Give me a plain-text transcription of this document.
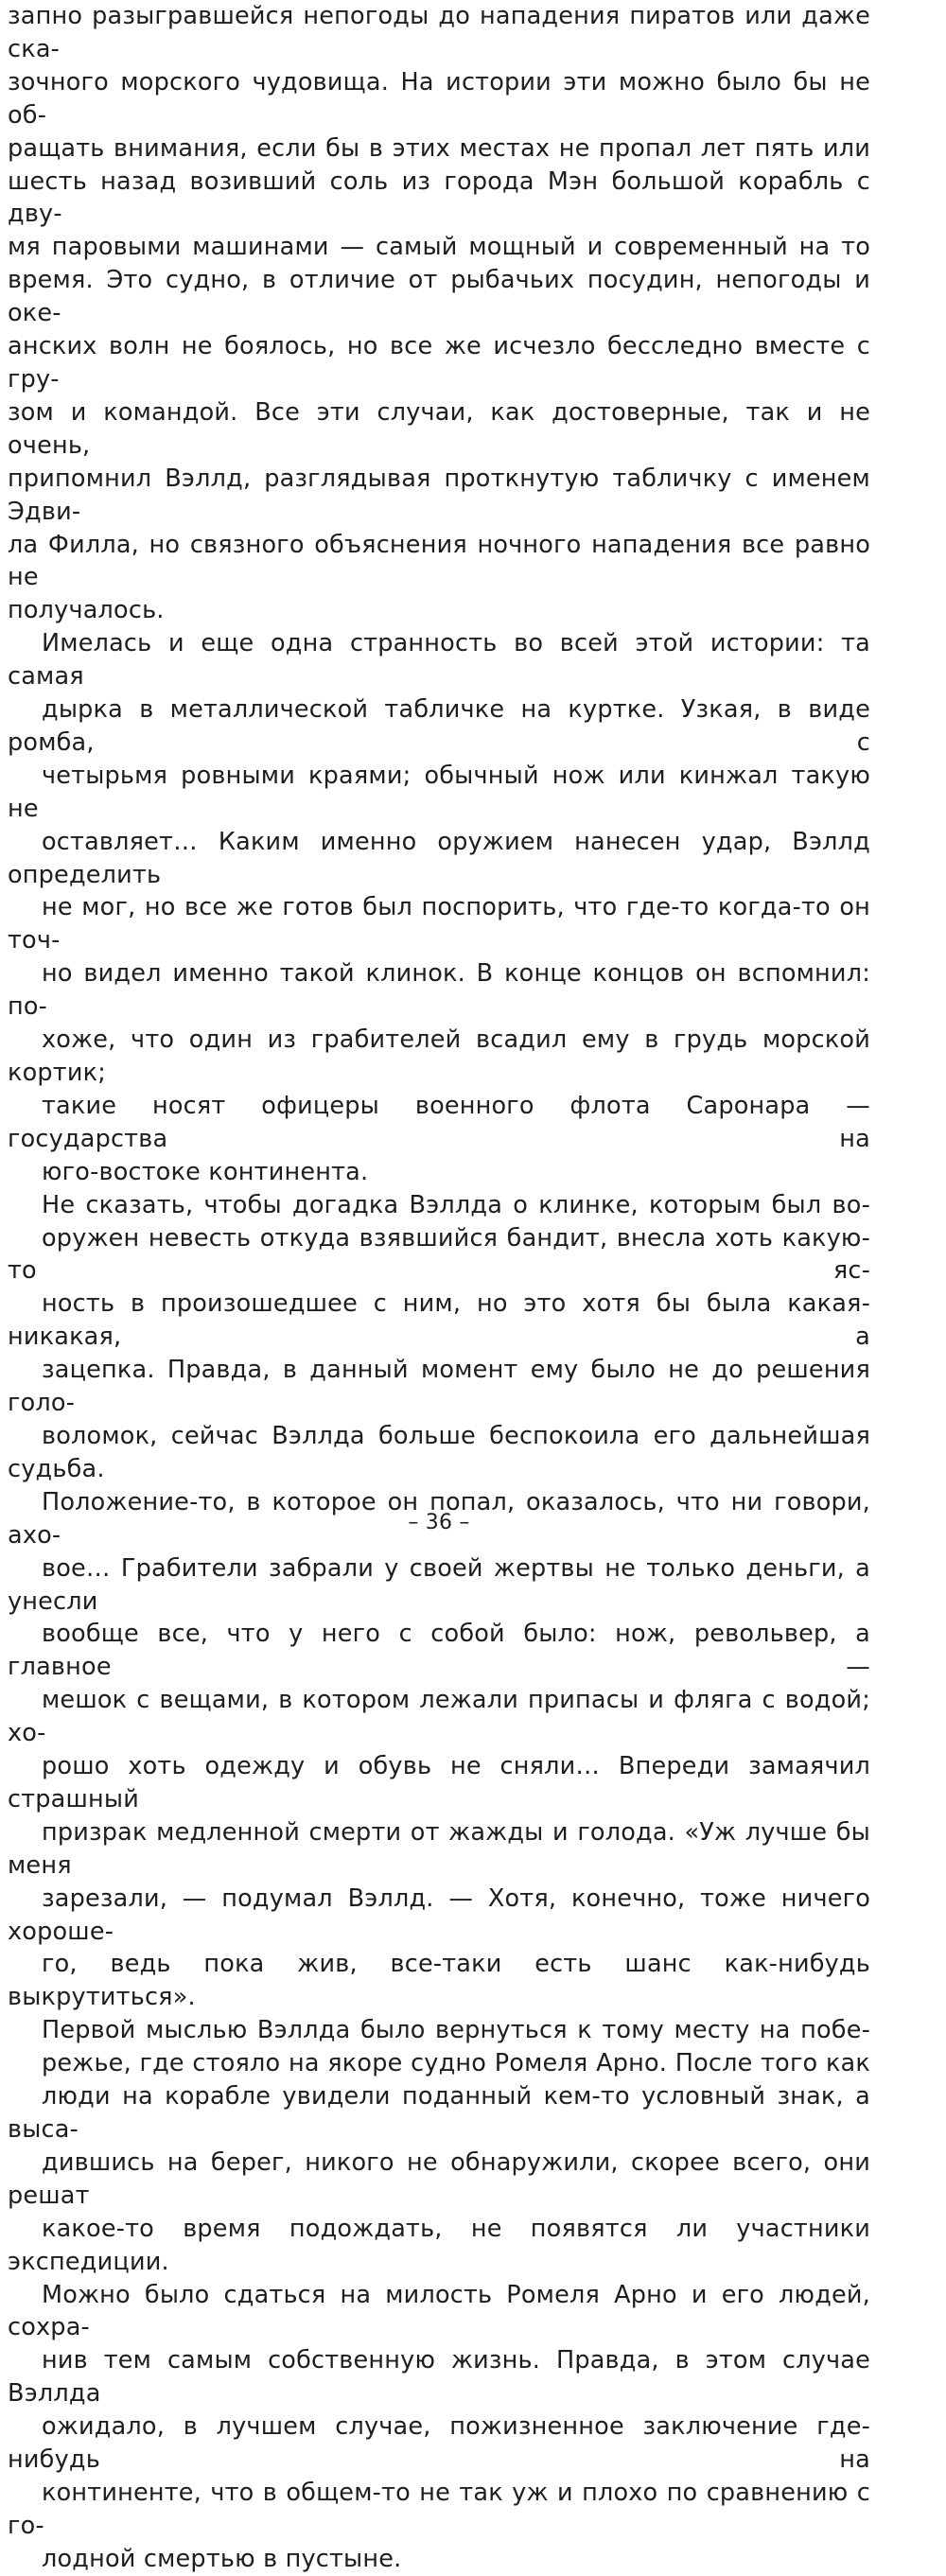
запно разыгравшейся непогоды до нападения пиратов или даже ска-
зочного морского чудовища. На истории эти можно было бы не об-
ращать внимания, если бы в этих местах не пропал лет пять или
шесть назад возивший соль из города Мэн большой корабль с дву-
мя паровыми машинами — самый мощный и современный на то
время. Это судно, в отличие от рыбачьих посудин, непогоды и оке-
анских волн не боялось, но все же исчезло бесследно вместе с гру-
зом и командой. Все эти случаи, как достоверные, так и не очень,
припомнил Вэллд, разглядывая проткнутую табличку с именем Эдви-
ла Филла, но связного объяснения ночного нападения все равно не
получалось.
Имелась и еще одна странность во всей этой истории: та самая
дырка в металлической табличке на куртке. Узкая, в виде ромба, с
четырьмя ровными краями; обычный нож или кинжал такую не
оставляет… Каким именно оружием нанесен удар, Вэллд определить
не мог, но все же готов был поспорить, что где-то когда-то он точ-
но видел именно такой клинок. В конце концов он вспомнил: по-
хоже, что один из грабителей всадил ему в грудь морской кортик;
такие носят офицеры военного флота Саронара — государства на
юго-востоке континента.
Не сказать, чтобы догадка Вэллда о клинке, которым был во-
оружен невесть откуда взявшийся бандит, внесла хоть какую-то яс-
ность в произошедшее с ним, но это хотя бы была какая-никакая, а
зацепка. Правда, в данный момент ему было не до решения голо-
воломок, сейчас Вэллда больше беспокоила его дальнейшая судьба.
Положение-то, в которое он попал, оказалось, что ни говори, ахо-
вое… Грабители забрали у своей жертвы не только деньги, а унесли
вообще все, что у него с собой было: нож, револьвер, а главное —
мешок с вещами, в котором лежали припасы и фляга с водой; хо-
рошо хоть одежду и обувь не сняли… Впереди замаячил страшный
призрак медленной смерти от жажды и голода. «Уж лучше бы меня
зарезали, — подумал Вэллд. — Хотя, конечно, тоже ничего хороше-
го, ведь пока жив, все-таки есть шанс как-нибудь выкрутиться».
Первой мыслью Вэллда было вернуться к тому месту на побе-
режье, где стояло на якоре судно Ромеля Арно. После того как
люди на корабле увидели поданный кем-то условный знак, а высa-
дившись на берег, никого не обнаружили, скорее всего, они решат
какое-то время подождать, не появятся ли участники экспедиции.
Можно было сдаться на милость Ромеля Арно и его людей, сохра-
нив тем самым собственную жизнь. Правда, в этом случае Вэллда
ожидало, в лучшем случае, пожизненное заключение где-нибудь на
континенте, что в общем-то не так уж и плохо по сравнению с го-
лодной смертью в пустыне.
– 36 –
